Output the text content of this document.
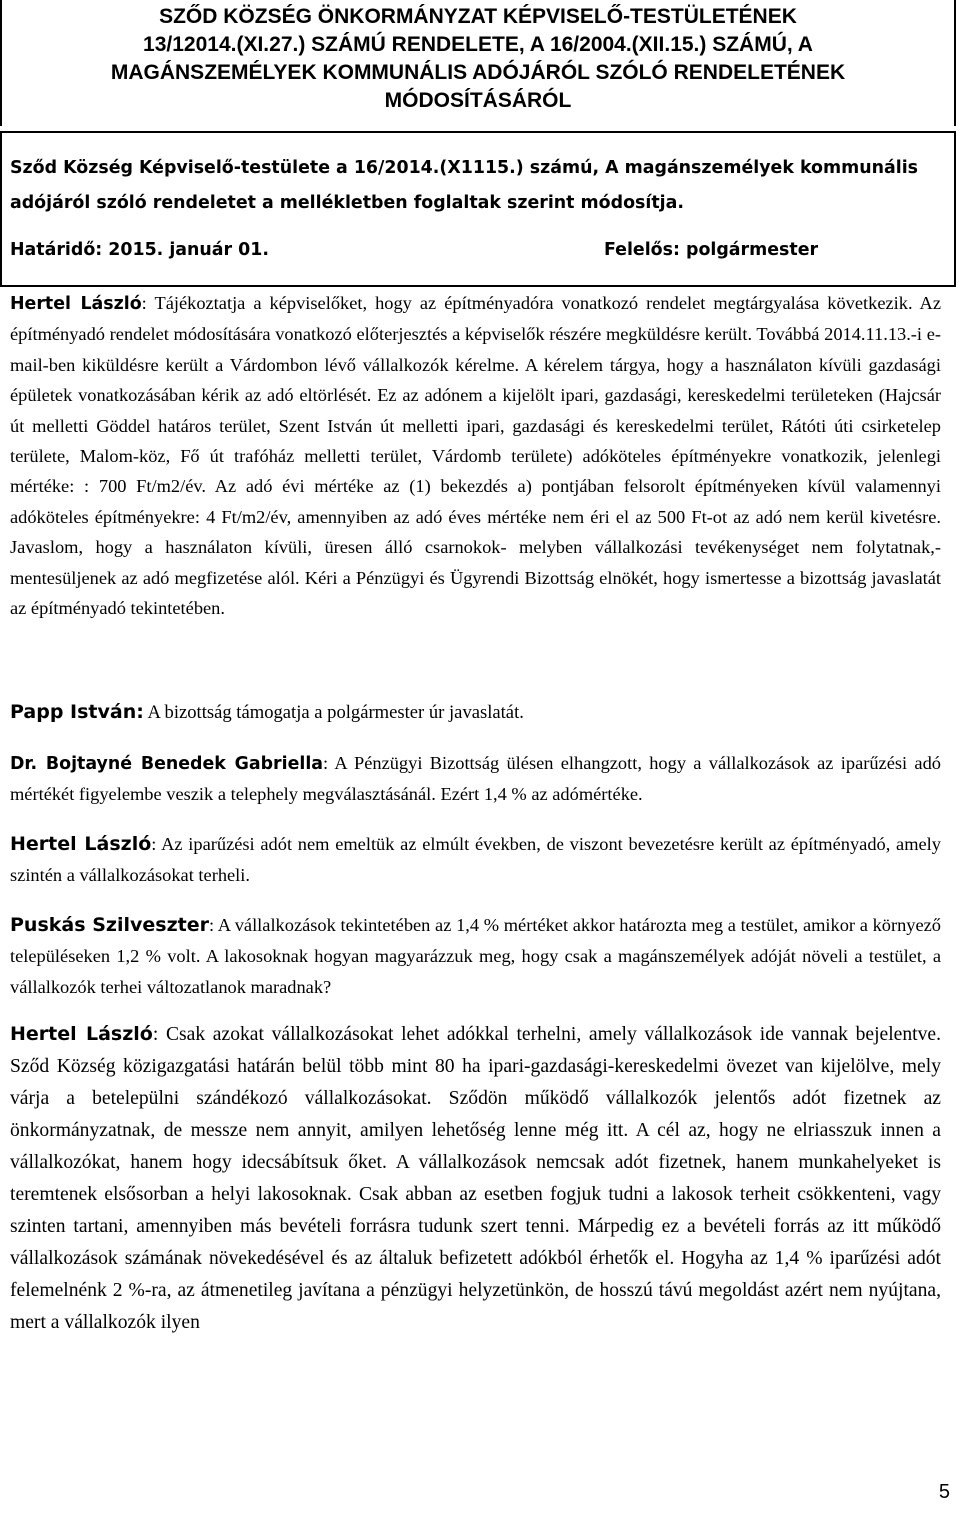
SZŐD KÖZSÉG ÖNKORMÁNYZAT KÉPVISELŐ-TESTÜLETÉNEK
13/12014.(XI.27.) SZÁMÚ RENDELETE, A 16/2004.(XII.15.) SZÁMÚ, A
MAGÁNSZEMÉLYEK KOMMUNÁLIS ADÓJÁRÓL SZÓLÓ RENDELETÉNEK
MÓDOSÍTÁSÁRÓL
Sződ Község Képviselő-testülete a 16/2014.(X1115.) számú, A magánszemélyek kommunális
adójáról szóló rendeletet a mellékletben foglaltak szerint módosítja.
Határidő: 2015. január 01.	Felelős: polgármester
Hertel László: Tájékoztatja a képviselőket, hogy az építményadóra vonatkozó rendelet megtárgyalása következik. Az építményadó rendelet módosítására vonatkozó előterjesztés a képviselők részére megküldésre került. Továbbá 2014.11.13.-i e-mail-ben kiküldésre került a Várdombon lévő vállalkozók kérelme. A kérelem tárgya, hogy a használaton kívüli gazdasági épületek vonatkozásában kérik az adó eltörlését. Ez az adónem a kijelölt ipari, gazdasági, kereskedelmi területeken (Hajcsár út melletti Göddel határos terület, Szent István út melletti ipari, gazdasági és kereskedelmi terület, Rátóti úti csirketelep területe, Malom-köz, Fő út trafóház melletti terület, Várdomb területe) adóköteles építményekre vonatkozik, jelenlegi mértéke: : 700 Ft/m2/év. Az adó évi mértéke az (1) bekezdés a) pontjában felsorolt építményeken kívül valamennyi adóköteles építményekre: 4 Ft/m2/év, amennyiben az adó éves mértéke nem éri el az 500 Ft-ot az adó nem kerül kivetésre. Javaslom, hogy a használaton kívüli, üresen álló csarnokok- melyben vállalkozási tevékenységet nem folytatnak,- mentesüljenek az adó megfizetése alól. Kéri a Pénzügyi és Ügyrendi Bizottság elnökét, hogy ismertesse a bizottság javaslatát az építményadó tekintetében.
Papp István: A bizottság támogatja a polgármester úr javaslatát.
Dr. Bojtayné Benedek Gabriella: A Pénzügyi Bizottság ülésen elhangzott, hogy a vállalkozások az iparűzési adó mértékét figyelembe veszik a telephely megválasztásánál. Ezért 1,4 % az adómértéke.
Hertel László: Az iparűzési adót nem emeltük az elmúlt években, de viszont bevezetésre került az építményadó, amely szintén a vállalkozásokat terheli.
Puskás Szilveszter: A vállalkozások tekintetében az 1,4 % mértéket akkor határozta meg a testület, amikor a környező településeken 1,2 % volt. A lakosoknak hogyan magyarázzuk meg, hogy csak a magánszemélyek adóját növeli a testület, a vállalkozók terhei változatlanok maradnak?
Hertel László: Csak azokat vállalkozásokat lehet adókkal terhelni, amely vállalkozások ide vannak bejelentve. Sződ Község közigazgatási határán belül több mint 80 ha ipari-gazdasági-kereskedelmi övezet van kijelölve, mely várja a betelepülni szándékozó vállalkozásokat. Sződön működő vállalkozók jelentős adót fizetnek az önkormányzatnak, de messze nem annyit, amilyen lehetőség lenne még itt. A cél az, hogy ne elriasszuk innen a vállalkozókat, hanem hogy idecsábítsuk őket. A vállalkozások nemcsak adót fizetnek, hanem munkahelyeket is teremtenek elsősorban a helyi lakosoknak. Csak abban az esetben fogjuk tudni a lakosok terheit csökkenteni, vagy szinten tartani, amennyiben más bevételi forrásra tudunk szert tenni. Márpedig ez a bevételi forrás az itt működő vállalkozások számának növekedésével és az általuk befizetett adókból érhetők el. Hogyha az 1,4 % iparűzési adót felemelnénk 2 %-ra, az átmenetileg javítana a pénzügyi helyzetünkön, de hosszú távú megoldást azért nem nyújtana, mert a vállalkozók ilyen
5
